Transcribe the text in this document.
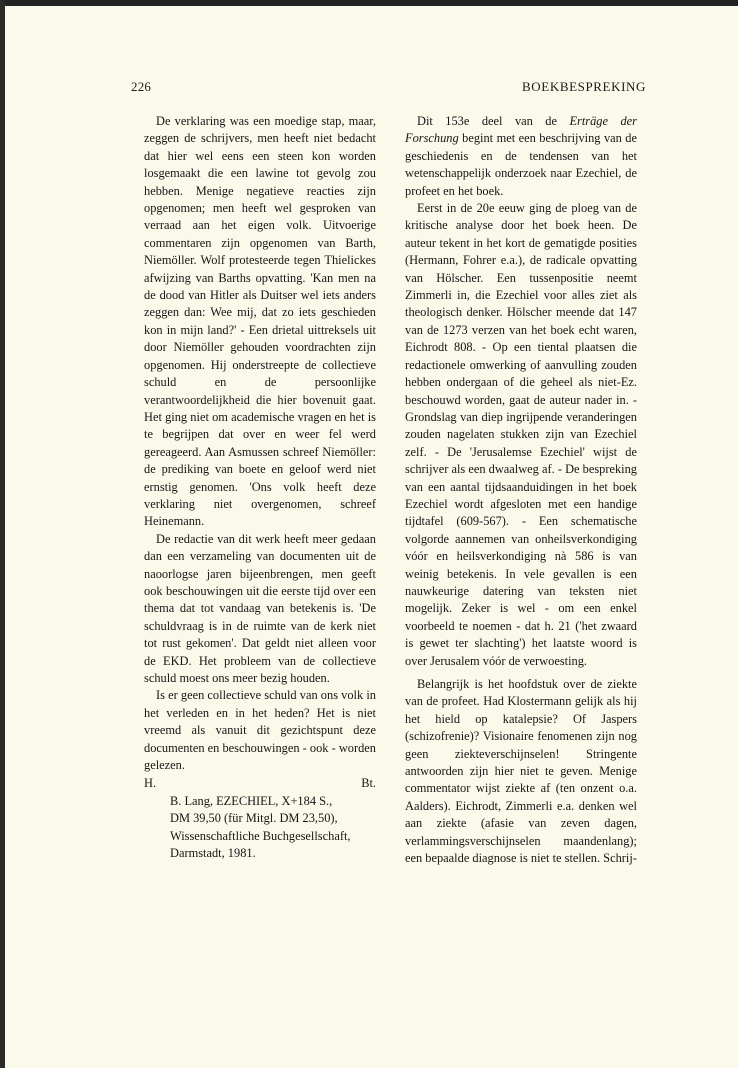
226	BOEKBESPREKING

De verklaring was een moedige stap, maar, zeggen de schrijvers, men heeft niet bedacht dat hier wel eens een steen kon worden losgemaakt die een lawine tot gevolg zou hebben. Menige negatieve reacties zijn opgenomen; men heeft wel gesproken van verraad aan het eigen volk. Uitvoerige commentaren zijn opgenomen van Barth, Niemöller. Wolf protesteerde tegen Thielickes afwijzing van Barths opvatting. 'Kan men na de dood van Hitler als Duitser wel iets anders zeggen dan: Wee mij, dat zo iets geschieden kon in mijn land?' - Een drietal uittreksels uit door Niemöller gehouden voordrachten zijn opgenomen. Hij onderstreepte de collectieve schuld en de persoonlijke verantwoordelijkheid die hier bovenuit gaat. Het ging niet om academische vragen en het is te begrijpen dat over en weer fel werd gereageerd. Aan Asmussen schreef Niemöller: de prediking van boete en geloof werd niet ernstig genomen. 'Ons volk heeft deze verklaring niet overgenomen, schreef Heinemann.

De redactie van dit werk heeft meer gedaan dan een verzameling van documenten uit de naoorlogse jaren bijeenbrengen, men geeft ook beschouwingen uit die eerste tijd over een thema dat tot vandaag van betekenis is. 'De schuldvraag is in de ruimte van de kerk niet tot rust gekomen'. Dat geldt niet alleen voor de EKD. Het probleem van de collectieve schuld moest ons meer bezig houden.

Is er geen collectieve schuld van ons volk in het verleden en in het heden? Het is niet vreemd als vanuit dit gezichtspunt deze documenten en beschouwingen - ook - worden gelezen.

H.	Bt.

B. Lang, EZECHIEL, X+184 S.,
DM 39,50 (für Mitgl. DM 23,50),
Wissenschaftliche Buchgesellschaft,
Darmstadt, 1981.

Dit 153e deel van de Erträge der Forschung begint met een beschrijving van de geschiedenis en de tendensen van het wetenschappelijk onderzoek naar Ezechiel, de profeet en het boek.

Eerst in de 20e eeuw ging de ploeg van de kritische analyse door het boek heen. De auteur tekent in het kort de gematigde posities (Hermann, Fohrer e.a.), de radicale opvatting van Hölscher. Een tussenpositie neemt Zimmerli in, die Ezechiel voor alles ziet als theologisch denker. Hölscher meende dat 147 van de 1273 verzen van het boek echt waren, Eichrodt 808. - Op een tiental plaatsen die redactionele omwerking of aanvulling zouden hebben ondergaan of die geheel als niet-Ez. beschouwd worden, gaat de auteur nader in. - Grondslag van diep ingrijpende veranderingen zouden nagelaten stukken zijn van Ezechiel zelf. - De 'Jerusalemse Ezechiel' wijst de schrijver als een dwaalweg af. - De bespreking van een aantal tijdsaanduidingen in het boek Ezechiel wordt afgesloten met een handige tijdtafel (609-567). - Een schematische volgorde aannemen van onheilsverkondiging vóór en heilsverkondiging nà 586 is van weinig betekenis. In vele gevallen is een nauwkeurige datering van teksten niet mogelijk. Zeker is wel - om een enkel voorbeeld te noemen - dat h. 21 ('het zwaard is gewet ter slachting') het laatste woord is over Jerusalem vóór de verwoesting.

Belangrijk is het hoofdstuk over de ziekte van de profeet. Had Klostermann gelijk als hij het hield op katalepsie? Of Jaspers (schizofrenie)? Visionaire fenomenen zijn nog geen ziekteverschijnselen! Stringente antwoorden zijn hier niet te geven. Menige commentator wijst ziekte af (ten onzent o.a. Aalders). Eichrodt, Zimmerli e.a. denken wel aan ziekte (afasie van zeven dagen, verlammingsverschijnselen maandenlang); een bepaalde diagnose is niet te stellen. Schrij-
